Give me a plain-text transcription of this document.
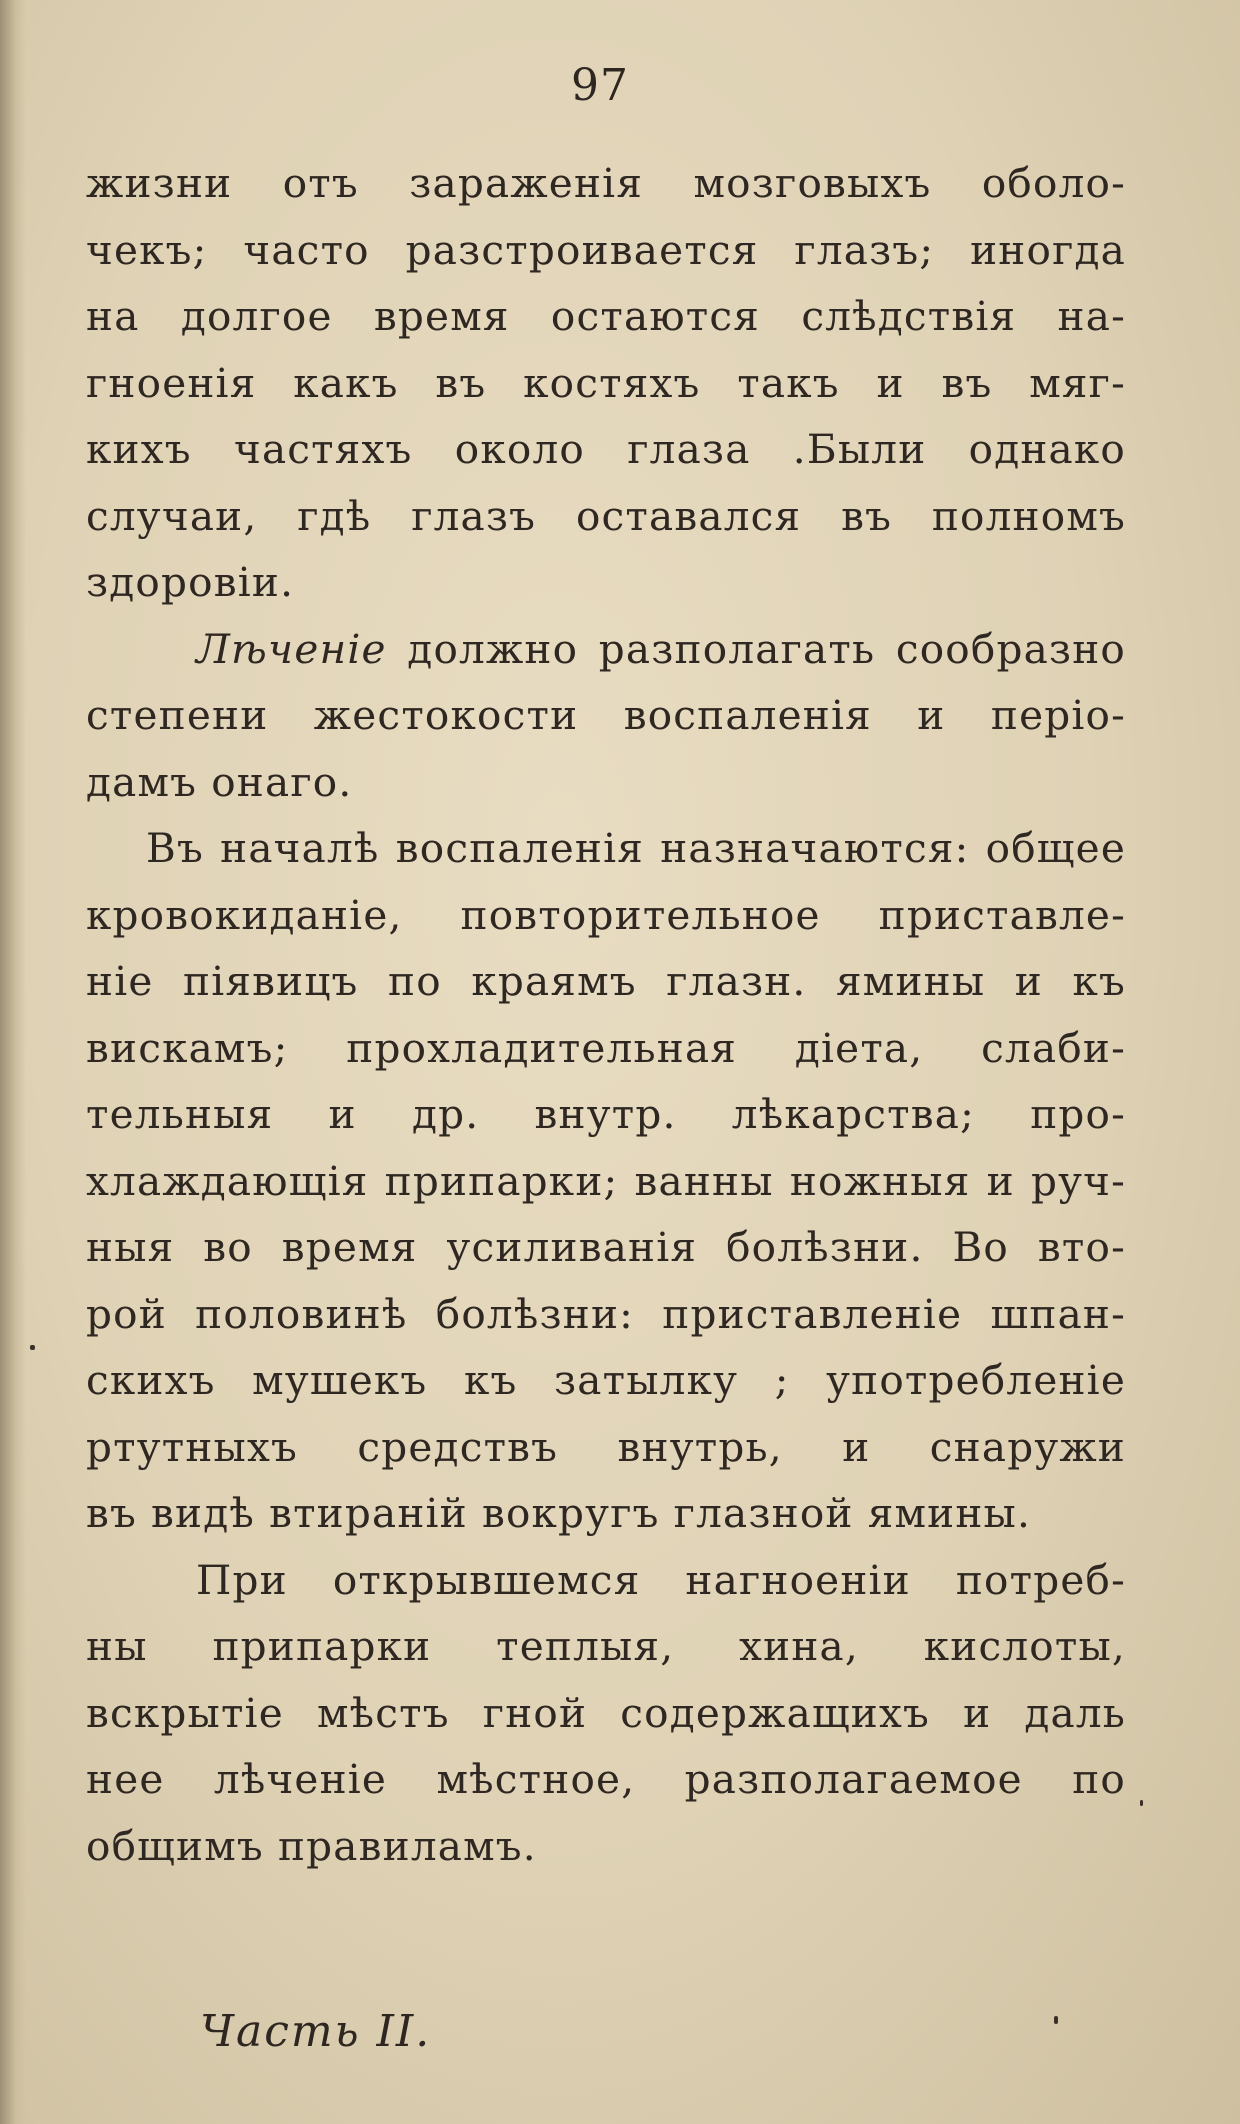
97
жизни отъ зараженія мозговыхъ оболо-
чекъ; часто разстроивается глазъ; иногда
на долгое время остаются слѣдствія на-
гноенія какъ въ костяхъ такъ и въ мяг-
кихъ частяхъ около глаза .Были однако
случаи, гдѣ глазъ оставался въ полномъ
здоровіи.
Лѣченіе должно разполагать сообразно
степени жестокости воспаленія и періо-
дамъ онаго.
Въ началѣ воспаленія назначаются: общее
кровокиданіе, повторительное приставле-
ніе піявицъ по краямъ глазн. ямины и къ
вискамъ; прохладительная діета, слаби-
тельныя и др. внутр. лѣкарства; про-
хлаждающія припарки; ванны ножныя и руч-
ныя во время усиливанія болѣзни. Во вто-
рой половинѣ болѣзни: приставленіе шпан-
скихъ мушекъ къ затылку ; употребленіе
ртутныхъ средствъ внутрь, и снаружи
въ видѣ втираній вокругъ глазной ямины.
При открывшемся нагноеніи потреб-
ны припарки теплыя, хина, кислоты,
вскрытіе мѣстъ гной содержащихъ и даль
нее лѣченіе мѣстное, разполагаемое по
общимъ правиламъ.
Часть II.
